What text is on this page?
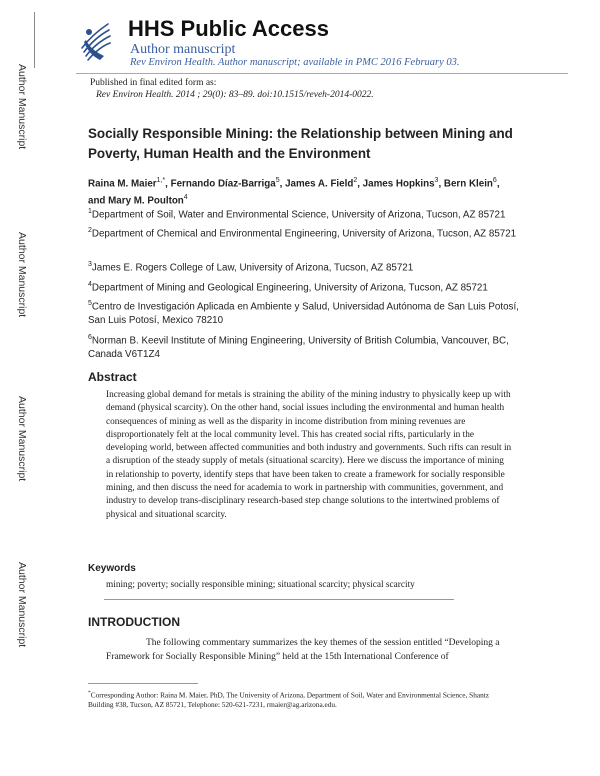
Author Manuscript
Author Manuscript
Author Manuscript
Author Manuscript
HHS Public Access
Author manuscript
Rev Environ Health. Author manuscript; available in PMC 2016 February 03.
Published in final edited form as:
Rev Environ Health. 2014 ; 29(0): 83–89. doi:10.1515/reveh-2014-0022.
Socially Responsible Mining: the Relationship between Mining and Poverty, Human Health and the Environment
Raina M. Maier$^{1,*}$, Fernando Díaz-Barriga$^5$, James A. Field$^2$, James Hopkins$^3$, Bern Klein$^6$,
and Mary M. Poulton$^4$
$^1$Department of Soil, Water and Environmental Science, University of Arizona, Tucson, AZ 85721
$^2$Department of Chemical and Environmental Engineering, University of Arizona, Tucson, AZ 85721
$^3$James E. Rogers College of Law, University of Arizona, Tucson, AZ 85721
$^4$Department of Mining and Geological Engineering, University of Arizona, Tucson, AZ 85721
$^5$Centro de Investigación Aplicada en Ambiente y Salud, Universidad Autónoma de San Luis Potosí, San Luis Potosí, Mexico 78210
$^6$Norman B. Keevil Institute of Mining Engineering, University of British Columbia, Vancouver, BC, Canada V6T1Z4
Abstract
Increasing global demand for metals is straining the ability of the mining industry to physically keep up with demand (physical scarcity). On the other hand, social issues including the environmental and human health consequences of mining as well as the disparity in income distribution from mining revenues are disproportionately felt at the local community level. This has created social rifts, particularly in the developing world, between affected communities and both industry and governments. Such rifts can result in a disruption of the steady supply of metals (situational scarcity). Here we discuss the importance of mining in relationship to poverty, identify steps that have been taken to create a framework for socially responsible mining, and then discuss the need for academia to work in partnership with communities, government, and industry to develop trans-disciplinary research-based step change solutions to the intertwined problems of physical and situational scarcity.
Keywords
mining; poverty; socially responsible mining; situational scarcity; physical scarcity
INTRODUCTION
The following commentary summarizes the key themes of the session entitled “Developing a Framework for Socially Responsible Mining” held at the 15th International Conference of
*Corresponding Author: Raina M. Maier, PhD, The University of Arizona, Department of Soil, Water and Environmental Science, Shantz Building #38, Tucson, AZ 85721, Telephone: 520-621-7231, rmaier@ag.arizona.edu.
